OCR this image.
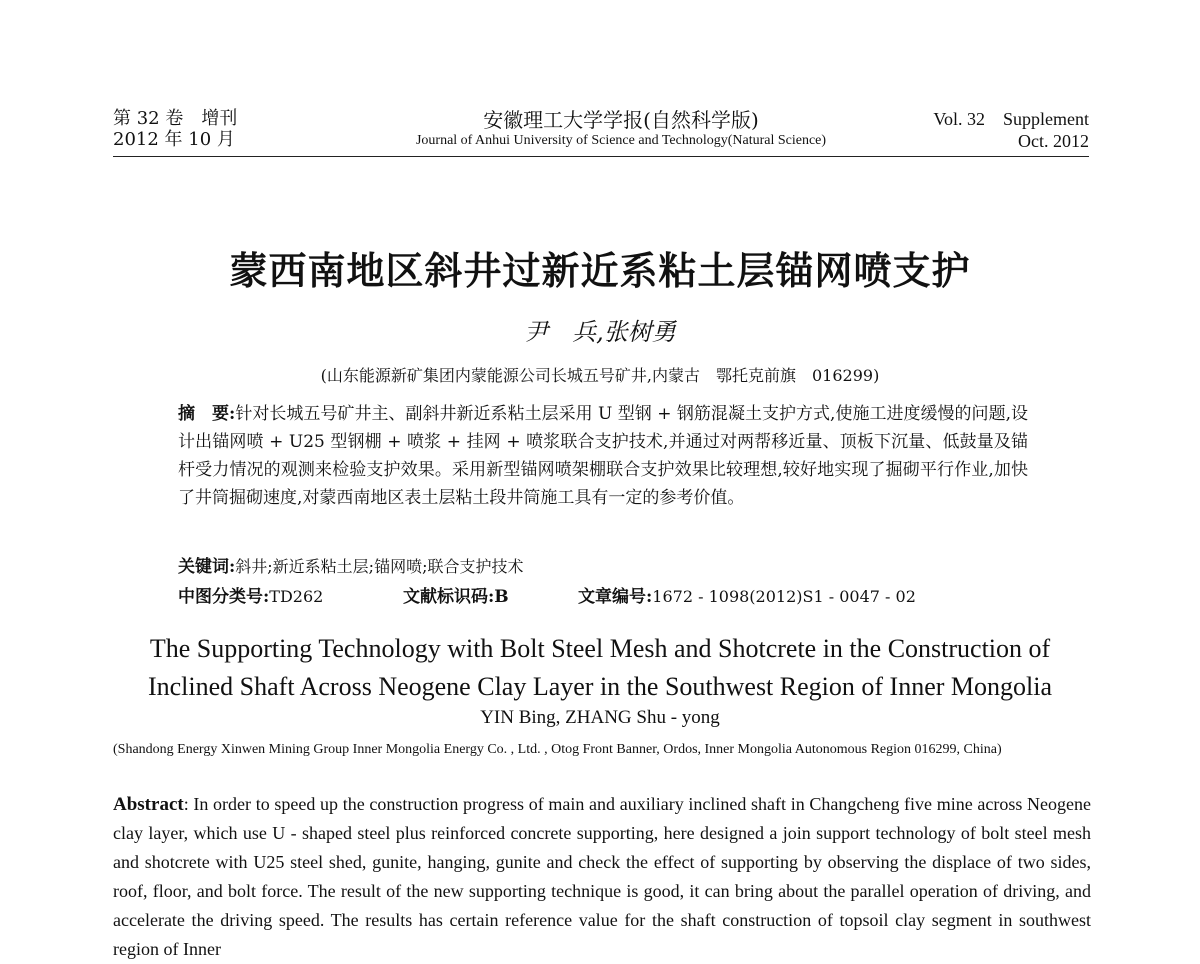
第 32 卷　增刊
2012 年 10 月
安徽理工大学学报(自然科学版)
Journal of Anhui University of Science and Technology(Natural Science)
Vol. 32　Supplement
Oct. 2012
蒙西南地区斜井过新近系粘土层锚网喷支护
尹　兵,张树勇
(山东能源新矿集团内蒙能源公司长城五号矿井,内蒙古　鄂托克前旗　016299)
摘　要:针对长城五号矿井主、副斜井新近系粘土层采用 U 型钢 + 钢筋混凝土支护方式,使施工进度缓慢的问题,设计出锚网喷 + U25 型钢棚 + 喷浆 + 挂网 + 喷浆联合支护技术,并通过对两帮移近量、顶板下沉量、低鼓量及锚杆受力情况的观测来检验支护效果。采用新型锚网喷架棚联合支护效果比较理想,较好地实现了掘砌平行作业,加快了井筒掘砌速度,对蒙西南地区表土层粘土段井筒施工具有一定的参考价值。
关键词:斜井;新近系粘土层;锚网喷;联合支护技术
中图分类号:TD262	文献标识码:B	文章编号:1672 - 1098(2012)S1 - 0047 - 02
The Supporting Technology with Bolt Steel Mesh and Shotcrete in the Construction of
Inclined Shaft Across Neogene Clay Layer in the Southwest Region of Inner Mongolia
YIN Bing, ZHANG Shu - yong
(Shandong Energy Xinwen Mining Group Inner Mongolia Energy Co. , Ltd. , Otog Front Banner, Ordos, Inner Mongolia Autonomous Region 016299, China)
Abstract: In order to speed up the construction progress of main and auxiliary inclined shaft in Changcheng five mine across Neogene clay layer, which use U - shaped steel plus reinforced concrete supporting, here designed a join support technology of bolt steel mesh and shotcrete with U25 steel shed, gunite, hanging, gunite and check the effect of supporting by observing the displace of two sides, roof, floor, and bolt force. The result of the new supporting technique is good, it can bring about the parallel operation of driving, and accelerate the driving speed. The results has certain reference value for the shaft construction of topsoil clay segment in southwest region of Inner
